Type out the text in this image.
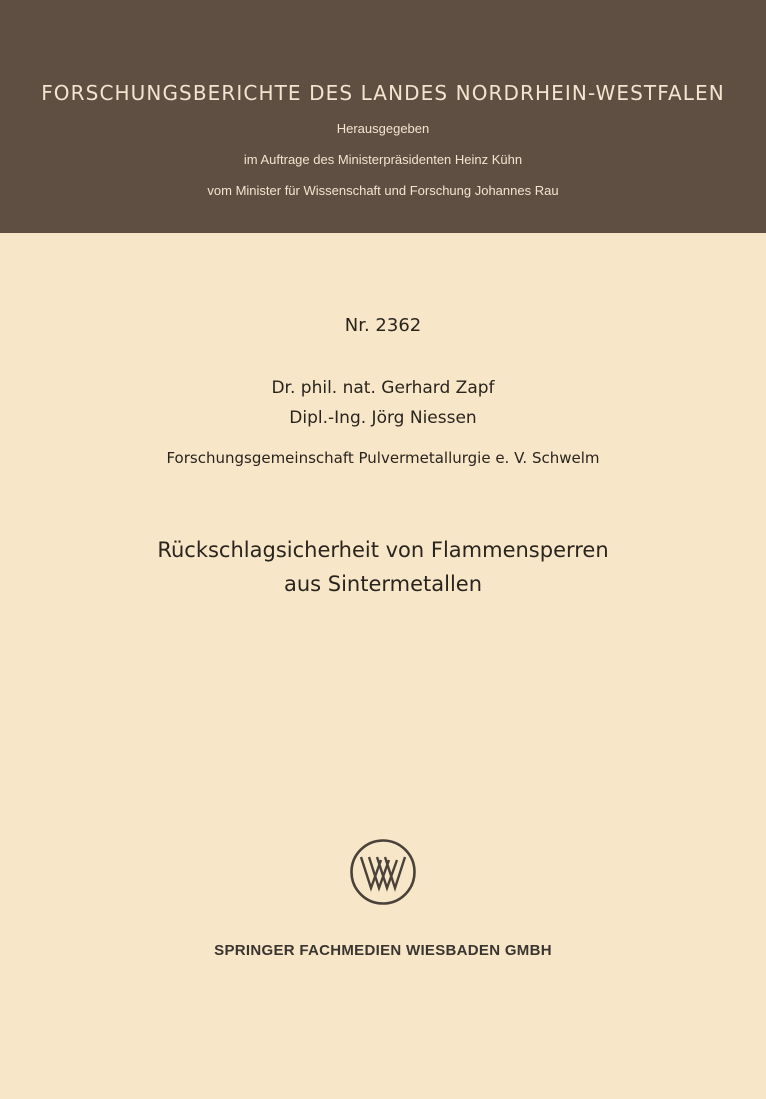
FORSCHUNGSBERICHTE DES LANDES NORDRHEIN-WESTFALEN
Herausgegeben
im Auftrage des Ministerpräsidenten Heinz Kühn
vom Minister für Wissenschaft und Forschung Johannes Rau
Nr. 2362
Dr. phil. nat. Gerhard Zapf
Dipl.-Ing. Jörg Niessen
Forschungsgemeinschaft Pulvermetallurgie e. V. Schwelm
Rückschlagsicherheit von Flammensperren
aus Sintermetallen
SPRINGER FACHMEDIEN WIESBADEN GMBH
